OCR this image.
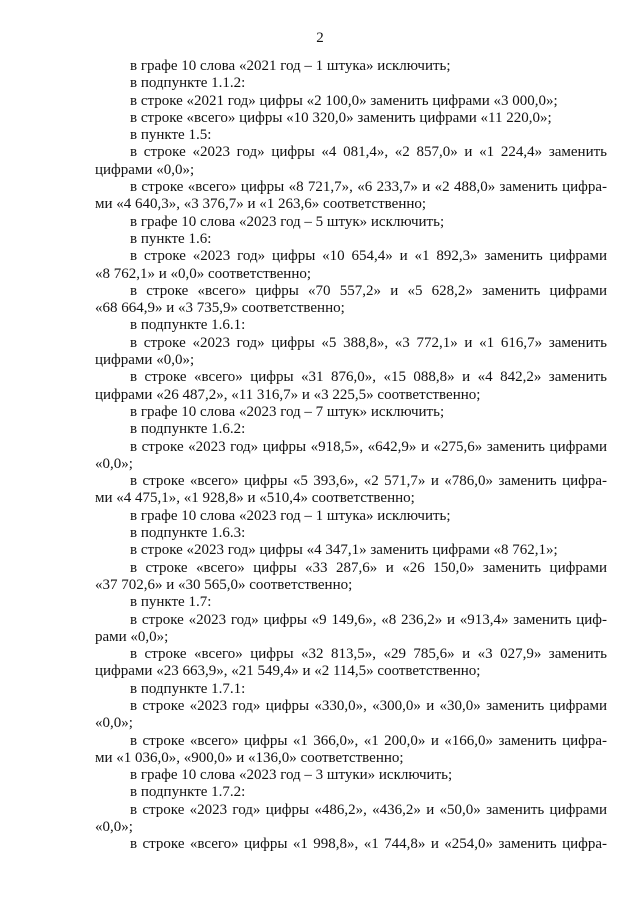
2
в графе 10 слова «2021 год – 1 штука» исключить;
в подпункте 1.1.2:
в строке «2021 год» цифры «2 100,0» заменить цифрами «3 000,0»;
в строке «всего» цифры «10 320,0» заменить цифрами «11 220,0»;
в пункте 1.5:
в строке «2023 год» цифры «4 081,4», «2 857,0» и «1 224,4» заменить
цифрами «0,0»;
в строке «всего» цифры «8 721,7», «6 233,7» и «2 488,0» заменить цифра-
ми «4 640,3», «3 376,7» и «1 263,6» соответственно;
в графе 10 слова «2023 год – 5 штук» исключить;
в пункте 1.6:
в строке «2023 год» цифры «10 654,4» и «1 892,3» заменить цифрами
«8 762,1» и «0,0» соответственно;
в строке «всего» цифры «70 557,2» и «5 628,2» заменить цифрами
«68 664,9» и «3 735,9» соответственно;
в подпункте 1.6.1:
в строке «2023 год» цифры «5 388,8», «3 772,1» и «1 616,7» заменить
цифрами «0,0»;
в строке «всего» цифры «31 876,0», «15 088,8» и «4 842,2» заменить
цифрами «26 487,2», «11 316,7» и «3 225,5» соответственно;
в графе 10 слова «2023 год – 7 штук» исключить;
в подпункте 1.6.2:
в строке «2023 год» цифры «918,5», «642,9» и «275,6» заменить цифрами
«0,0»;
в строке «всего» цифры «5 393,6», «2 571,7» и «786,0» заменить цифра-
ми «4 475,1», «1 928,8» и «510,4» соответственно;
в графе 10 слова «2023 год – 1 штука» исключить;
в подпункте 1.6.3:
в строке «2023 год» цифры «4 347,1» заменить цифрами «8 762,1»;
в строке «всего» цифры «33 287,6» и «26 150,0» заменить цифрами
«37 702,6» и «30 565,0» соответственно;
в пункте 1.7:
в строке «2023 год» цифры «9 149,6», «8 236,2» и «913,4» заменить циф-
рами «0,0»;
в строке «всего» цифры «32 813,5», «29 785,6» и «3 027,9» заменить
цифрами «23 663,9», «21 549,4» и «2 114,5» соответственно;
в подпункте 1.7.1:
в строке «2023 год» цифры «330,0», «300,0» и «30,0» заменить цифрами
«0,0»;
в строке «всего» цифры «1 366,0», «1 200,0» и «166,0» заменить цифра-
ми «1 036,0», «900,0» и «136,0» соответственно;
в графе 10 слова «2023 год – 3 штуки» исключить;
в подпункте 1.7.2:
в строке «2023 год» цифры «486,2», «436,2» и «50,0» заменить цифрами
«0,0»;
в строке «всего» цифры «1 998,8», «1 744,8» и «254,0» заменить цифра-
